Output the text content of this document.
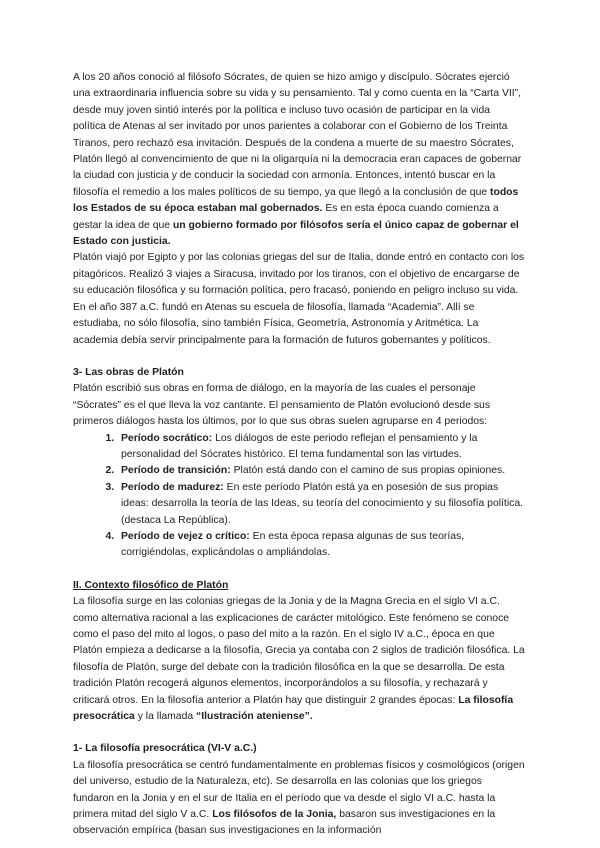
A los 20 años conoció al filósofo Sócrates, de quien se hizo amigo y discípulo. Sócrates ejerció una extraordinaria influencia sobre su vida y su pensamiento. Tal y como cuenta en la “Carta VII”, desde muy joven sintió interés por la política e incluso tuvo ocasión de participar en la vida política de Atenas al ser invitado por unos parientes a colaborar con el Gobierno de los Treinta Tiranos, pero rechazó esa invitación. Después de la condena a muerte de su maestro Sócrates, Platón llegó al convencimiento de que ni la oligarquía ni la democracia eran capaces de gobernar la ciudad con justicia y de conducir la sociedad con armonía. Entonces, intentó buscar en la filosofía el remedio a los males políticos de su tiempo, ya que llegó a la conclusión de que todos los Estados de su época estaban mal gobernados. Es en esta época cuando comienza a gestar la idea de que un gobierno formado por filósofos sería el único capaz de gobernar el Estado con justicia.

Platón viajó por Egipto y por las colonias griegas del sur de Italia, donde entró en contacto con los pitagóricos. Realizó 3 viajes a Siracusa, invitado por los tiranos, con el objetivo de encargarse de su educación filosófica y su formación política, pero fracasó, poniendo en peligro incluso su vida. En el año 387 a.C. fundó en Atenas su escuela de filosofía, llamada “Academia”. Allí se estudiaba, no sólo filosofía, sino también Física, Geometría, Astronomía y Aritmética. La academia debía servir principalmente para la formación de futuros gobernantes y políticos.

3- Las obras de Platón

Platón escribió sus obras en forma de diálogo, en la mayoría de las cuales el personaje “Sócrates” es el que lleva la voz cantante. El pensamiento de Platón evolucionó desde sus primeros diálogos hasta los últimos, por lo que sus obras suelen agruparse en 4 periodos:

1. Período socrático: Los diálogos de este periodo reflejan el pensamiento y la personalidad del Sócrates histórico. El tema fundamental son las virtudes.
2. Período de transición: Platón está dando con el camino de sus propias opiniones.
3. Período de madurez: En este período Platón está ya en posesión de sus propias ideas: desarrolla la teoría de las Ideas, su teoría del conocimiento y su filosofía política. (destaca La República).
4. Período de vejez o crítico: En esta época repasa algunas de sus teorías, corrigiéndolas, explicándolas o ampliándolas.
II. Contexto filosófico de Platón

La filosofía surge en las colonias griegas de la Jonia y de la Magna Grecia en el siglo VI a.C. como alternativa racional a las explicaciones de carácter mitológico. Este fenómeno se conoce como el paso del mito al logos, o paso del mito a la razón. En el siglo IV a.C., época en que Platón empieza a dedicarse a la filosofía, Grecia ya contaba con 2 siglos de tradición filosófica. La filosofía de Platón, surge del debate con la tradición filosófica en la que se desarrolla. De esta tradición Platón recogerá algunos elementos, incorporándolos a su filosofía, y rechazará y criticará otros. En la filosofía anterior a Platón hay que distinguir 2 grandes épocas: La filosofía presocrática y la llamada “Ilustración ateniense”.

1- La filosofía presocrática (VI-V a.C.)

La filosofía presocrática se centró fundamentalmente en problemas físicos y cosmológicos (origen del universo, estudio de la Naturaleza, etc). Se desarrolla en las colonias que los griegos fundaron en la Jonia y en el sur de Italia en el período que va desde el siglo VI a.C. hasta la primera mitad del siglo V a.C. Los filósofos de la Jonia, basaron sus investigaciones en la observación empírica (basan sus investigaciones en la información
